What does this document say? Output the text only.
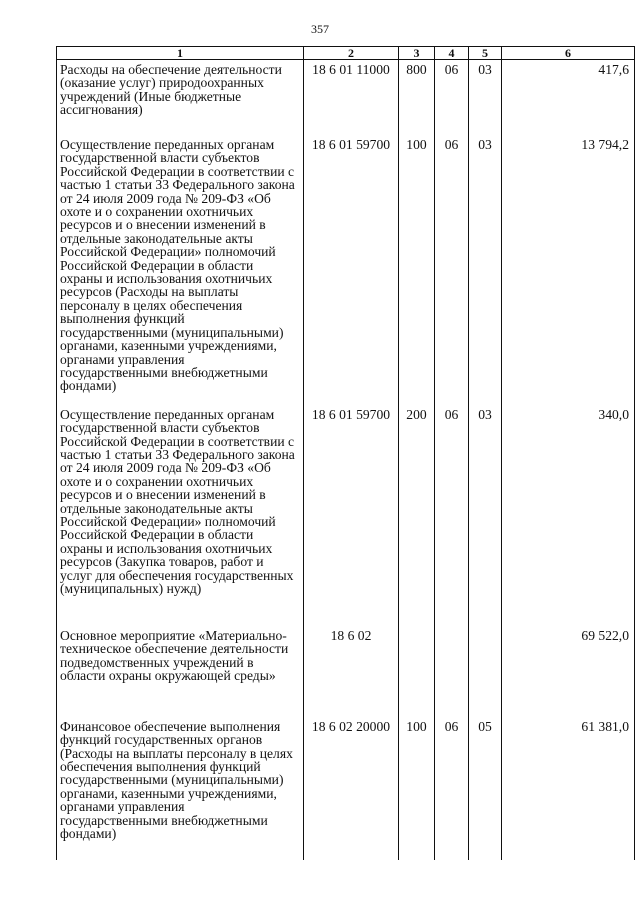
357
1	2	3	4	5	6
Расходы на обеспечение деятельности (оказание услуг) природоохранных учреждений (Иные бюджетные ассигнования)	18 6 01 11000	800	06	03	417,6

Осуществление переданных органам государственной власти субъектов Российской Федерации в соответствии с частью 1 статьи 33 Федерального закона от 24 июля 2009 года № 209-ФЗ «Об охоте и о сохранении охотничьих ресурсов и о внесении изменений в отдельные законодательные акты Российской Федерации» полномочий Российской Федерации в области охраны и использования охотничьих ресурсов (Расходы на выплаты персоналу в целях обеспечения выполнения функций государственными (муниципальными) органами, казенными учреждениями, органами управления государственными внебюджетными фондами)	18 6 01 59700	100	06	03	13 794,2

Осуществление переданных органам государственной власти субъектов Российской Федерации в соответствии с частью 1 статьи 33 Федерального закона от 24 июля 2009 года № 209-ФЗ «Об охоте и о сохранении охотничьих ресурсов и о внесении изменений в отдельные законодательные акты Российской Федерации» полномочий Российской Федерации в области охраны и использования охотничьих ресурсов (Закупка товаров, работ и услуг для обеспечения государственных (муниципальных) нужд)	18 6 01 59700	200	06	03	340,0

Основное мероприятие «Материально-техническое обеспечение деятельности подведомственных учреждений в области охраны окружающей среды»	18 6 02				69 522,0

Финансовое обеспечение выполнения функций государственных органов (Расходы на выплаты персоналу в целях обеспечения выполнения функций государственными (муниципальными) органами, казенными учреждениями, органами управления государственными внебюджетными фондами)	18 6 02 20000	100	06	05	61 381,0
